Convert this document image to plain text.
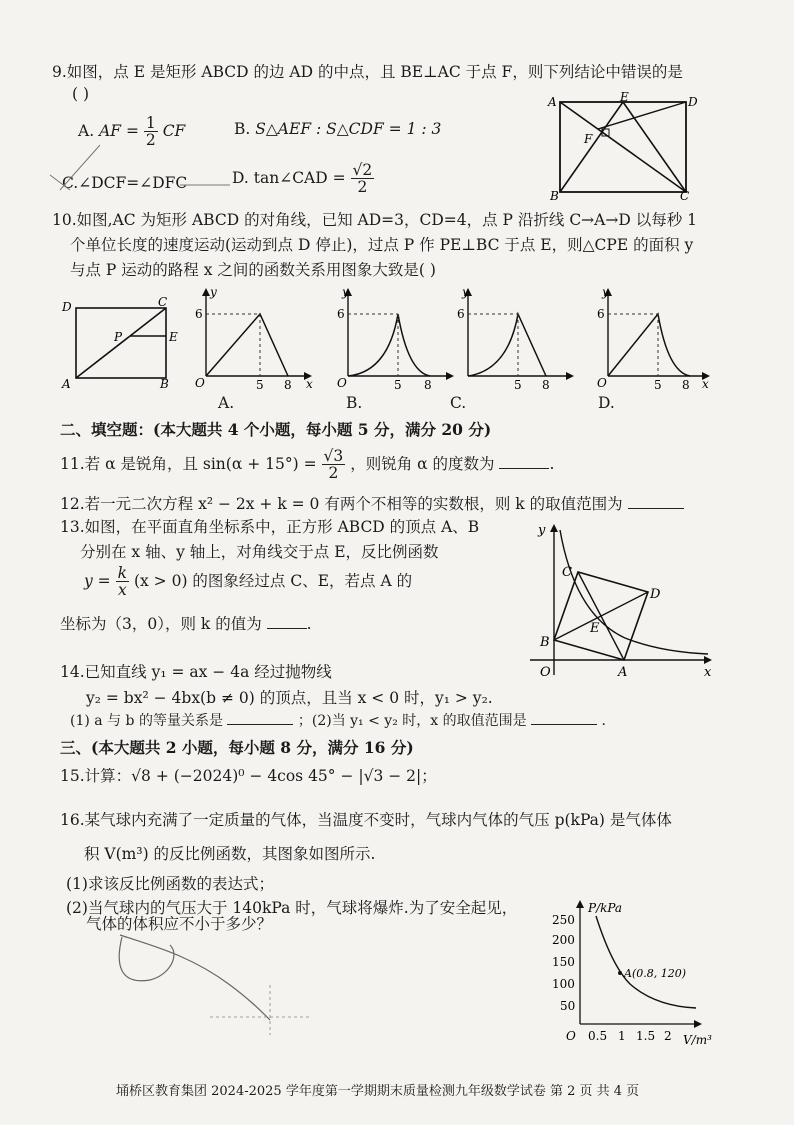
9.如图，点 E 是矩形 ABCD 的边 AD 的中点，且 BE⊥AC 于点 F，则下列结论中错误的是
( )
A. AF = $\frac{1}{2}$ CF	B. S△AEF : S△CDF = 1 : 3
C.∠DCF=∠DFC	D. tan∠CAD = $\frac{√2}{2}$
A	E	D
F
B	C
10.如图,AC 为矩形 ABCD 的对角线，已知 AD=3，CD=4，点 P 沿折线 C→A→D 以每秒 1
个单位长度的速度运动(运动到点 D 停止)，过点 P 作 PE⊥BC 于点 E，则△CPE 的面积 y
与点 P 运动的路程 x 之间的函数关系用图象大致是( )
D	C
P	E
A	B
6
5 8
O	x
y
A.
6
5 8
O
y
B.
6
5 8
y
C.
6
5 8
O	x
y
D.
二、填空题：(本大题共 4 个小题，每小题 5 分，满分 20 分)
11.若 α 是锐角，且 $\sin(\alpha + 15^\circ) = \frac{√3}{2}$ ，则锐角 α 的度数为	.
12.若一元二次方程 x² − 2x + k = 0 有两个不相等的实数根，则 k 的取值范围为
13.如图，在平面直角坐标系中，正方形 ABCD 的顶点 A、B
分别在 x 轴、y 轴上，对角线交于点 E，反比例函数
$y = \frac{k}{x} (x > 0)$ 的图象经过点 C、E，若点 A 的
坐标为（3，0），则 k 的值为	.
y
C
D
E
B
O	A	x
14.已知直线 y₁ = ax − 4a 经过抛物线
y₂ = bx² − 4bx(b ≠ 0) 的顶点，且当 x < 0 时，y₁ > y₂.
(1) a 与 b 的等量关系是	；(2)当 y₁ < y₂ 时，x 的取值范围是	.
三、(本大题共 2 小题，每小题 8 分，满分 16 分)
15.计算：√8 + (−2024)⁰ − 4cos 45° − |√3 − 2|；
16.某气球内充满了一定质量的气体，当温度不变时，气球内气体的气压 p(kPa) 是气体体
积 V(m³) 的反比例函数，其图象如图所示.
(1)求该反比例函数的表达式；
(2)当气球内的气压大于 140kPa 时，气球将爆炸.为了安全起见，
气体的体积应不小于多少？
P/kPa
V/m³
250
200
150
100
50
O 0.5 1 1.5 2
A(0.8, 120)
埇桥区教育集团 2024-2025 学年度第一学期期末质量检测九年级数学试卷 第 2 页 共 4 页
